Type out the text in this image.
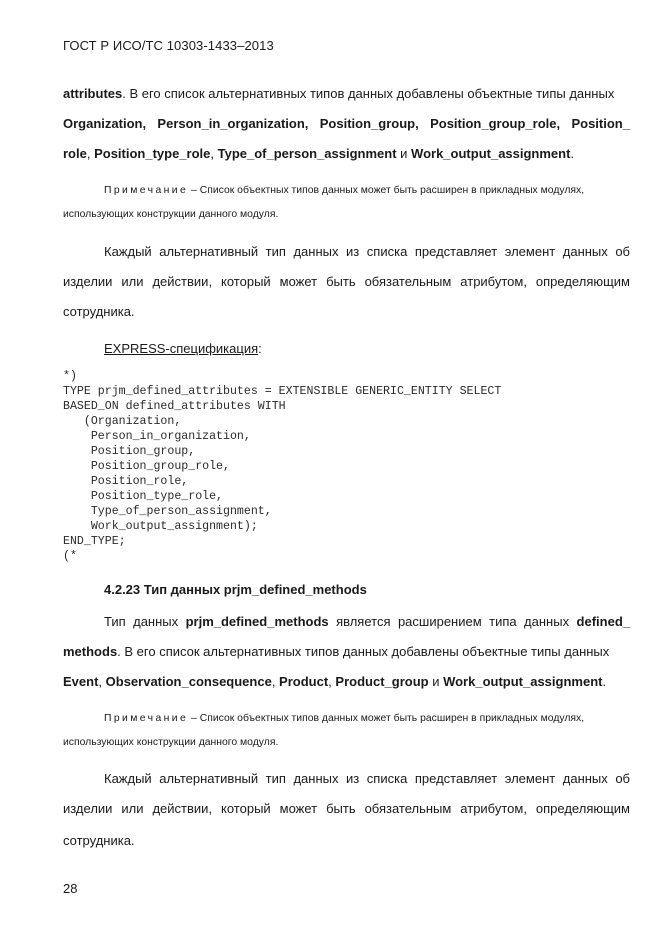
ГОСТ Р ИСО/ТС 10303-1433–2013
attributes. В его список альтернативных типов данных добавлены объектные типы данных
Organization, Person_in_organization, Position_group, Position_group_role, Position_
role, Position_type_role, Type_of_person_assignment и Work_output_assignment.
Примечание – Список объектных типов данных может быть расширен в прикладных модулях,
использующих конструкции данного модуля.
Каждый альтернативный тип данных из списка представляет элемент данных об
изделии или действии, который может быть обязательным атрибутом, определяющим
сотрудника.
EXPRESS-спецификация:
*)
TYPE prjm_defined_attributes = EXTENSIBLE GENERIC_ENTITY SELECT
BASED_ON defined_attributes WITH
(Organization,
Person_in_organization,
Position_group,
Position_group_role,
Position_role,
Position_type_role,
Type_of_person_assignment,
Work_output_assignment);
END_TYPE;
(*
4.2.23 Тип данных prjm_defined_methods
Тип данных prjm_defined_methods является расширением типа данных defined_
methods. В его список альтернативных типов данных добавлены объектные типы данных
Event, Observation_consequence, Product, Product_group и Work_output_assignment.
Примечание – Список объектных типов данных может быть расширен в прикладных модулях,
использующих конструкции данного модуля.
Каждый альтернативный тип данных из списка представляет элемент данных об
изделии или действии, который может быть обязательным атрибутом, определяющим
сотрудника.
28
